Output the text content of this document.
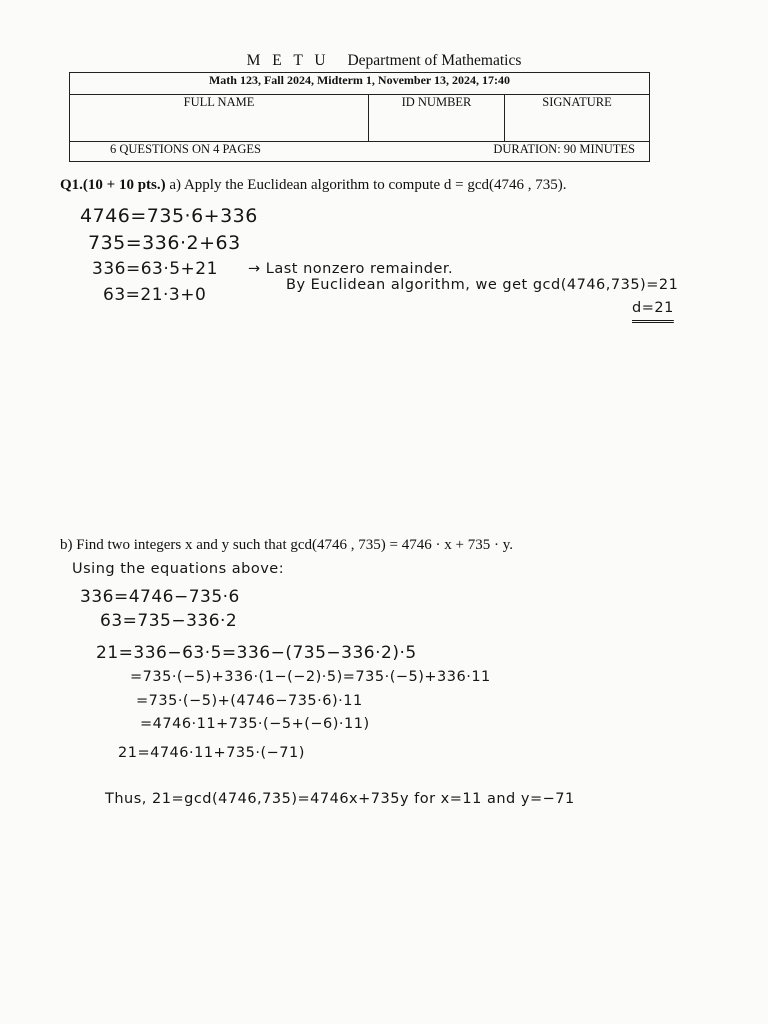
M E T U Department of Mathematics
Math 123, Fall 2024, Midterm 1, November 13, 2024, 17:40
FULL NAME	ID NUMBER	SIGNATURE

6 QUESTIONS ON 4 PAGES	DURATION: 90 MINUTES
Q1.(10 + 10 pts.) a) Apply the Euclidean algorithm to compute d = gcd(4746 , 735).
4746=735·6+336
735=336·2+63
336=63·5+21 → Last nonzero remainder.
63=21·3+0	By Euclidean algorithm, we get gcd(4746,735)=21
d=21
b) Find two integers x and y such that gcd(4746 , 735) = 4746 · x + 735 · y.
Using the equations above:
336=4746−735·6
63=735−336·2
21=336−63·5=336−(735−336·2)·5
=735·(−5)+336·(1−(−2)·5)=735·(−5)+336·11
=735·(−5)+(4746−735·6)·11
=4746·11+735·(−5+(−6)·11)
21=4746·11+735·(−71)
Thus, 21=gcd(4746,735)=4746x+735y for x=11 and y=−71
